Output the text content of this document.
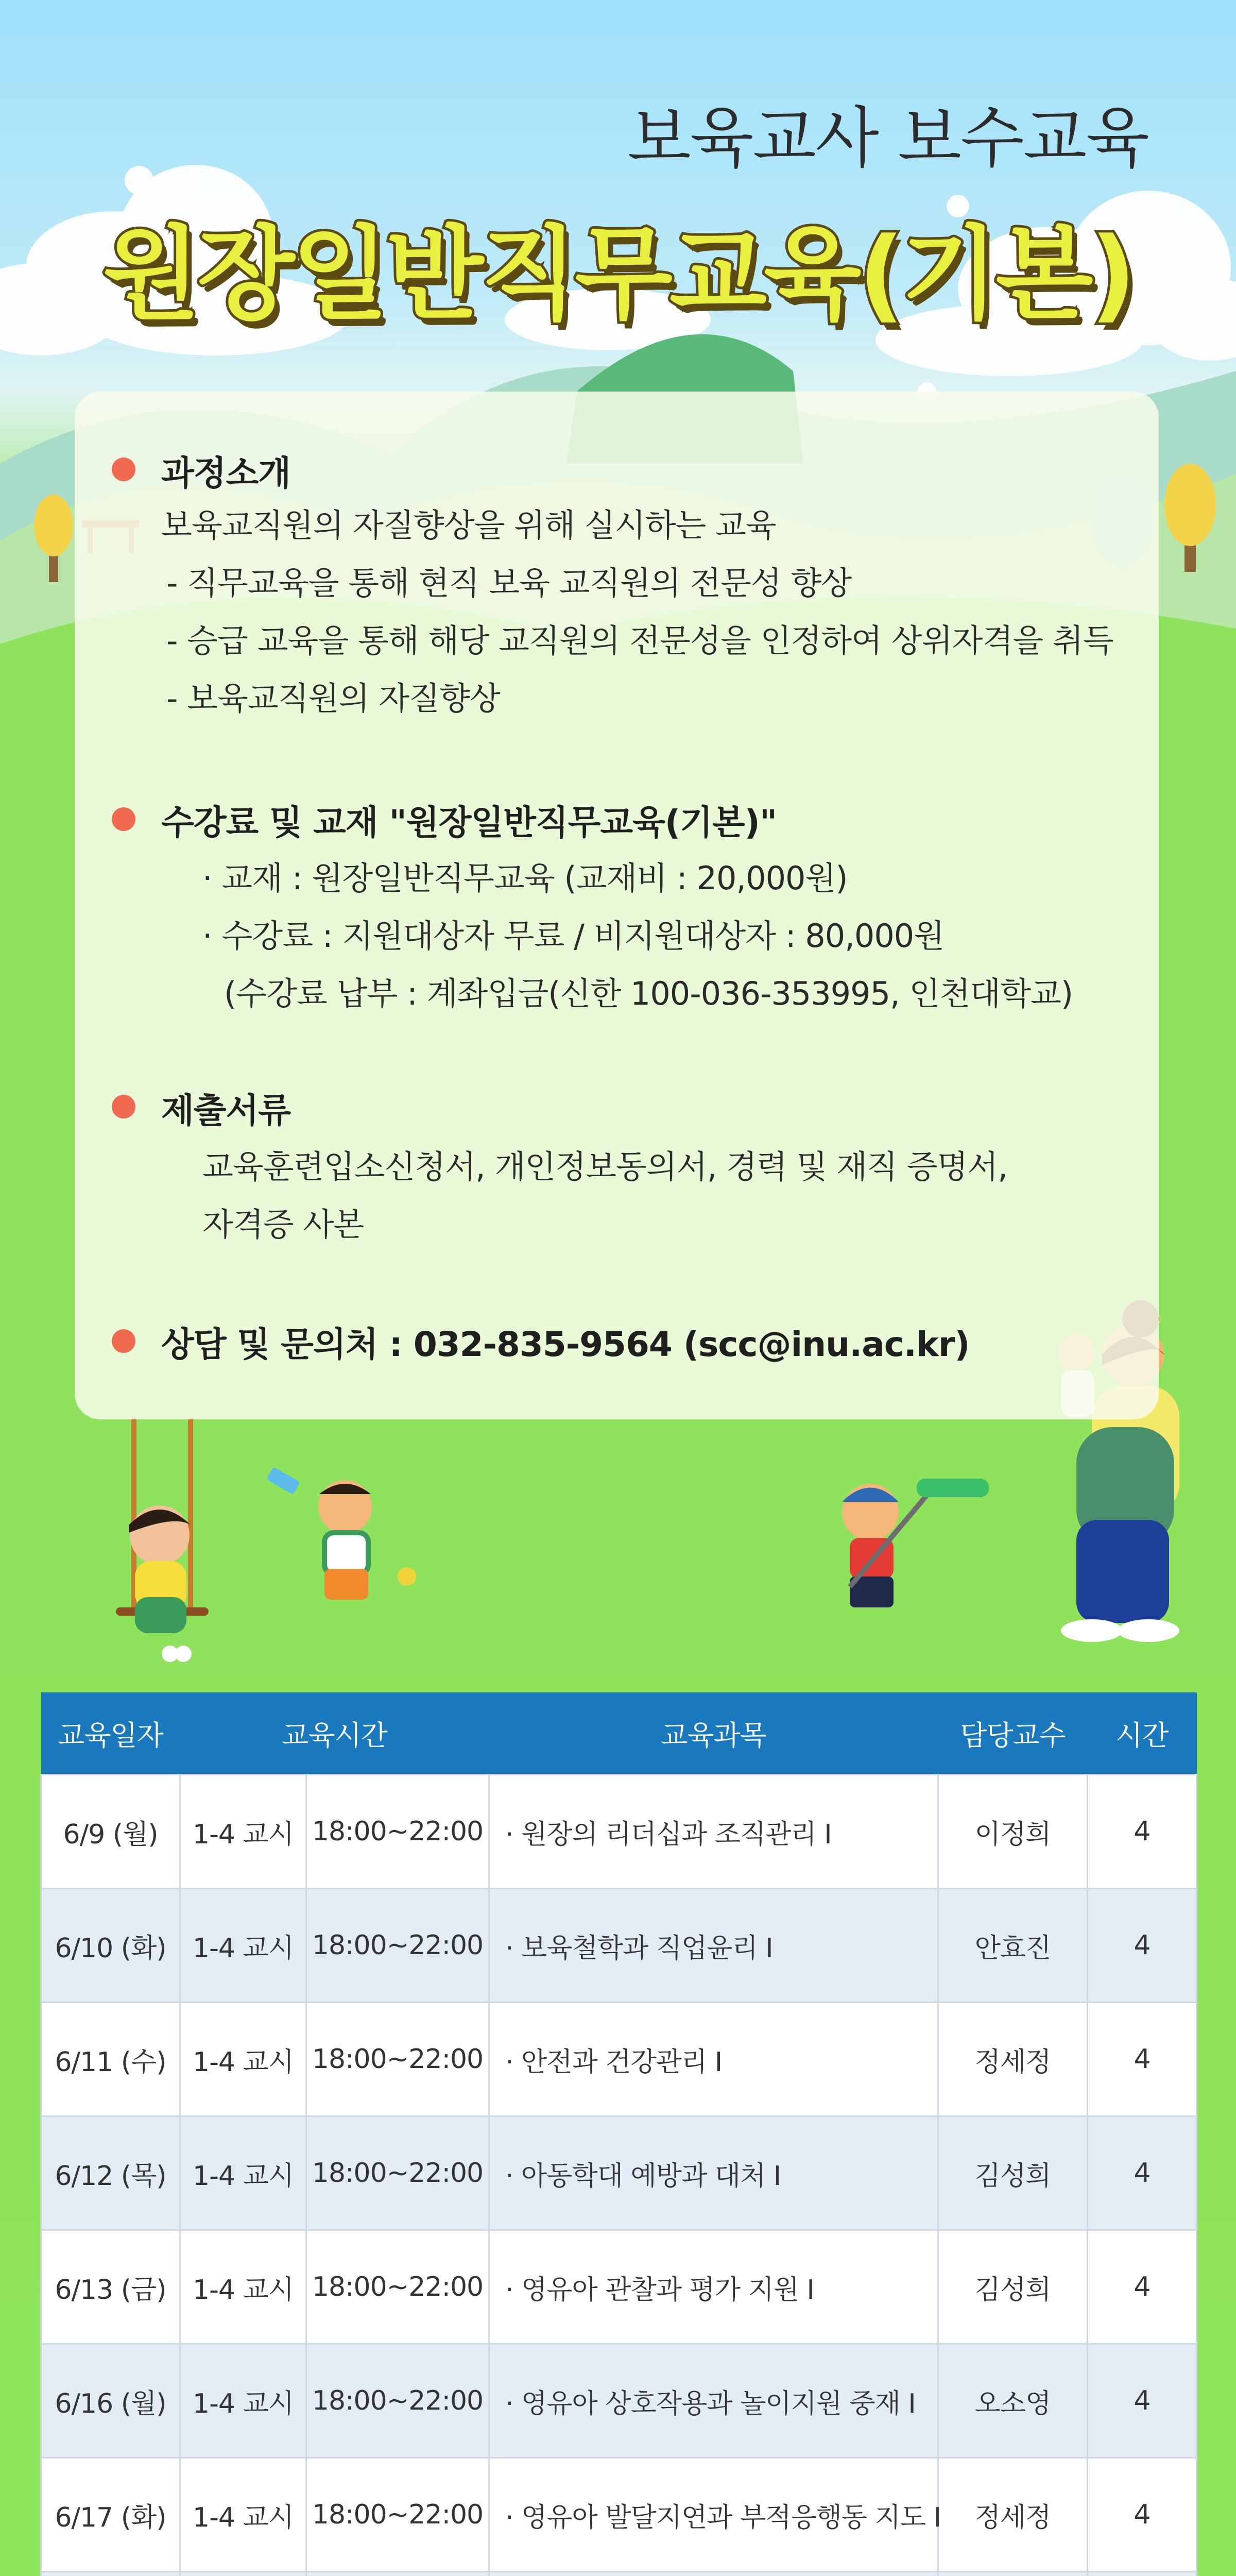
보육교사 보수교육
원장일반직무교육(기본)
과정소개
보육교직원의 자질향상을 위해 실시하는 교육
- 직무교육을 통해 현직 보육 교직원의 전문성 향상
- 승급 교육을 통해 해당 교직원의 전문성을 인정하여 상위자격을 취득
- 보육교직원의 자질향상
수강료 및 교재 "원장일반직무교육(기본)"
· 교재 : 원장일반직무교육 (교재비 : 20,000원)
· 수강료 : 지원대상자 무료 / 비지원대상자 : 80,000원
(수강료 납부 : 계좌입금(신한 100-036-353995, 인천대학교)
제출서류
교육훈련입소신청서, 개인정보동의서, 경력 및 재직 증명서,
자격증 사본
상담 및 문의처 : 032-835-9564 (scc@inu.ac.kr)
교육일자	교육시간		교육과목	담당교수	시간
6/9 (월)	1-4 교시	18:00~22:00	· 원장의 리더십과 조직관리 Ⅰ	이정희	4
6/10 (화)	1-4 교시	18:00~22:00	· 보육철학과 직업윤리 Ⅰ	안효진	4
6/11 (수)	1-4 교시	18:00~22:00	· 안전과 건강관리 Ⅰ	정세정	4
6/12 (목)	1-4 교시	18:00~22:00	· 아동학대 예방과 대처 Ⅰ	김성희	4
6/13 (금)	1-4 교시	18:00~22:00	· 영유아 관찰과 평가 지원 Ⅰ	김성희	4
6/16 (월)	1-4 교시	18:00~22:00	· 영유아 상호작용과 놀이지원 중재 Ⅰ	오소영	4
6/17 (화)	1-4 교시	18:00~22:00	· 영유아 발달지연과 부적응행동 지도 Ⅰ	정세정	4
